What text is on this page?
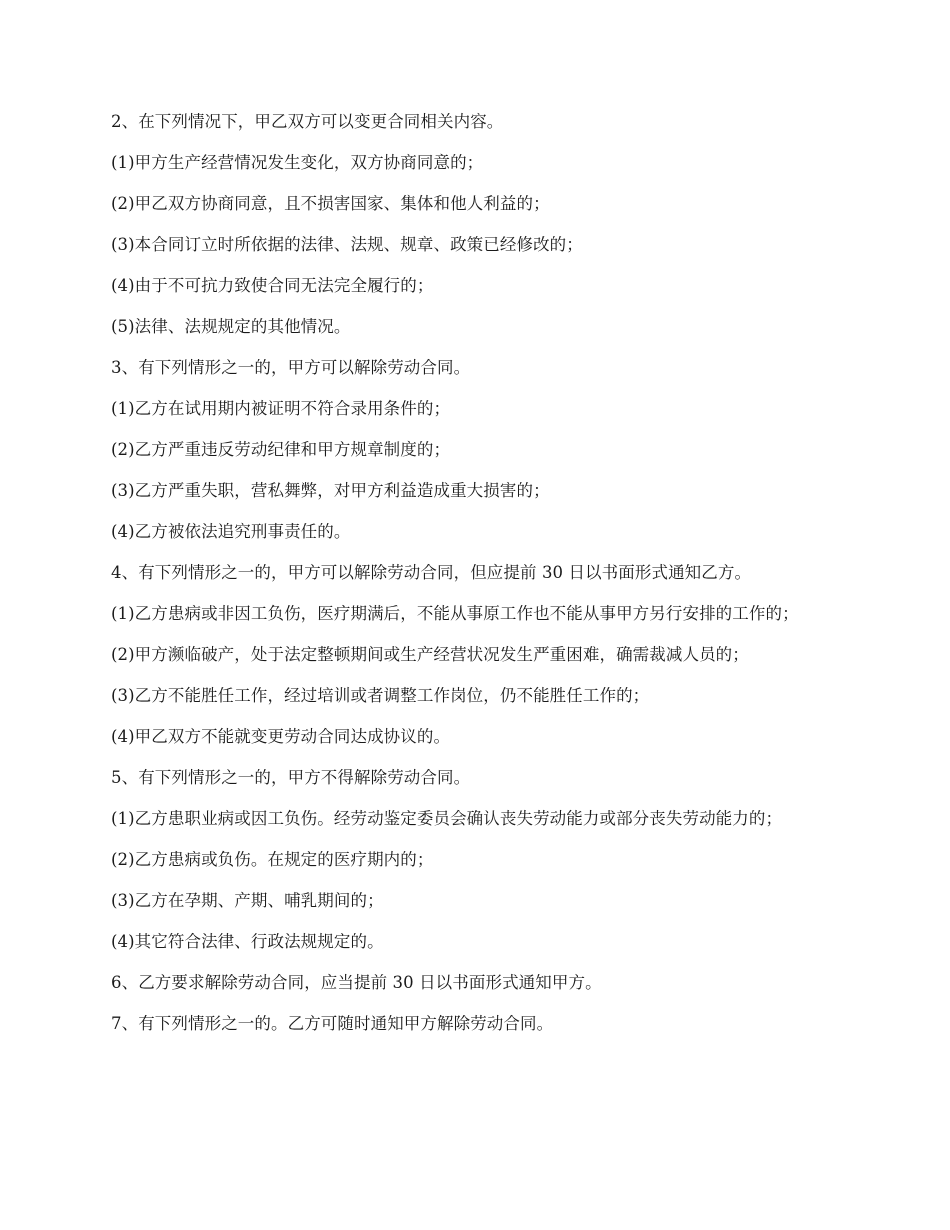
2、在下列情况下，甲乙双方可以变更合同相关内容。

(1)甲方生产经营情况发生变化，双方协商同意的；

(2)甲乙双方协商同意，且不损害国家、集体和他人利益的；

(3)本合同订立时所依据的法律、法规、规章、政策已经修改的；

(4)由于不可抗力致使合同无法完全履行的；

(5)法律、法规规定的其他情况。

3、有下列情形之一的，甲方可以解除劳动合同。

(1)乙方在试用期内被证明不符合录用条件的；

(2)乙方严重违反劳动纪律和甲方规章制度的；

(3)乙方严重失职，营私舞弊，对甲方利益造成重大损害的；

(4)乙方被依法追究刑事责任的。

4、有下列情形之一的，甲方可以解除劳动合同，但应提前 30 日以书面形式通知乙方。

(1)乙方患病或非因工负伤，医疗期满后，不能从事原工作也不能从事甲方另行安排的工作的；

(2)甲方濒临破产，处于法定整顿期间或生产经营状况发生严重困难，确需裁减人员的；

(3)乙方不能胜任工作，经过培训或者调整工作岗位，仍不能胜任工作的；

(4)甲乙双方不能就变更劳动合同达成协议的。

5、有下列情形之一的，甲方不得解除劳动合同。

(1)乙方患职业病或因工负伤。经劳动鉴定委员会确认丧失劳动能力或部分丧失劳动能力的；

(2)乙方患病或负伤。在规定的医疗期内的；

(3)乙方在孕期、产期、哺乳期间的；

(4)其它符合法律、行政法规规定的。

6、乙方要求解除劳动合同，应当提前 30 日以书面形式通知甲方。

7、有下列情形之一的。乙方可随时通知甲方解除劳动合同。
